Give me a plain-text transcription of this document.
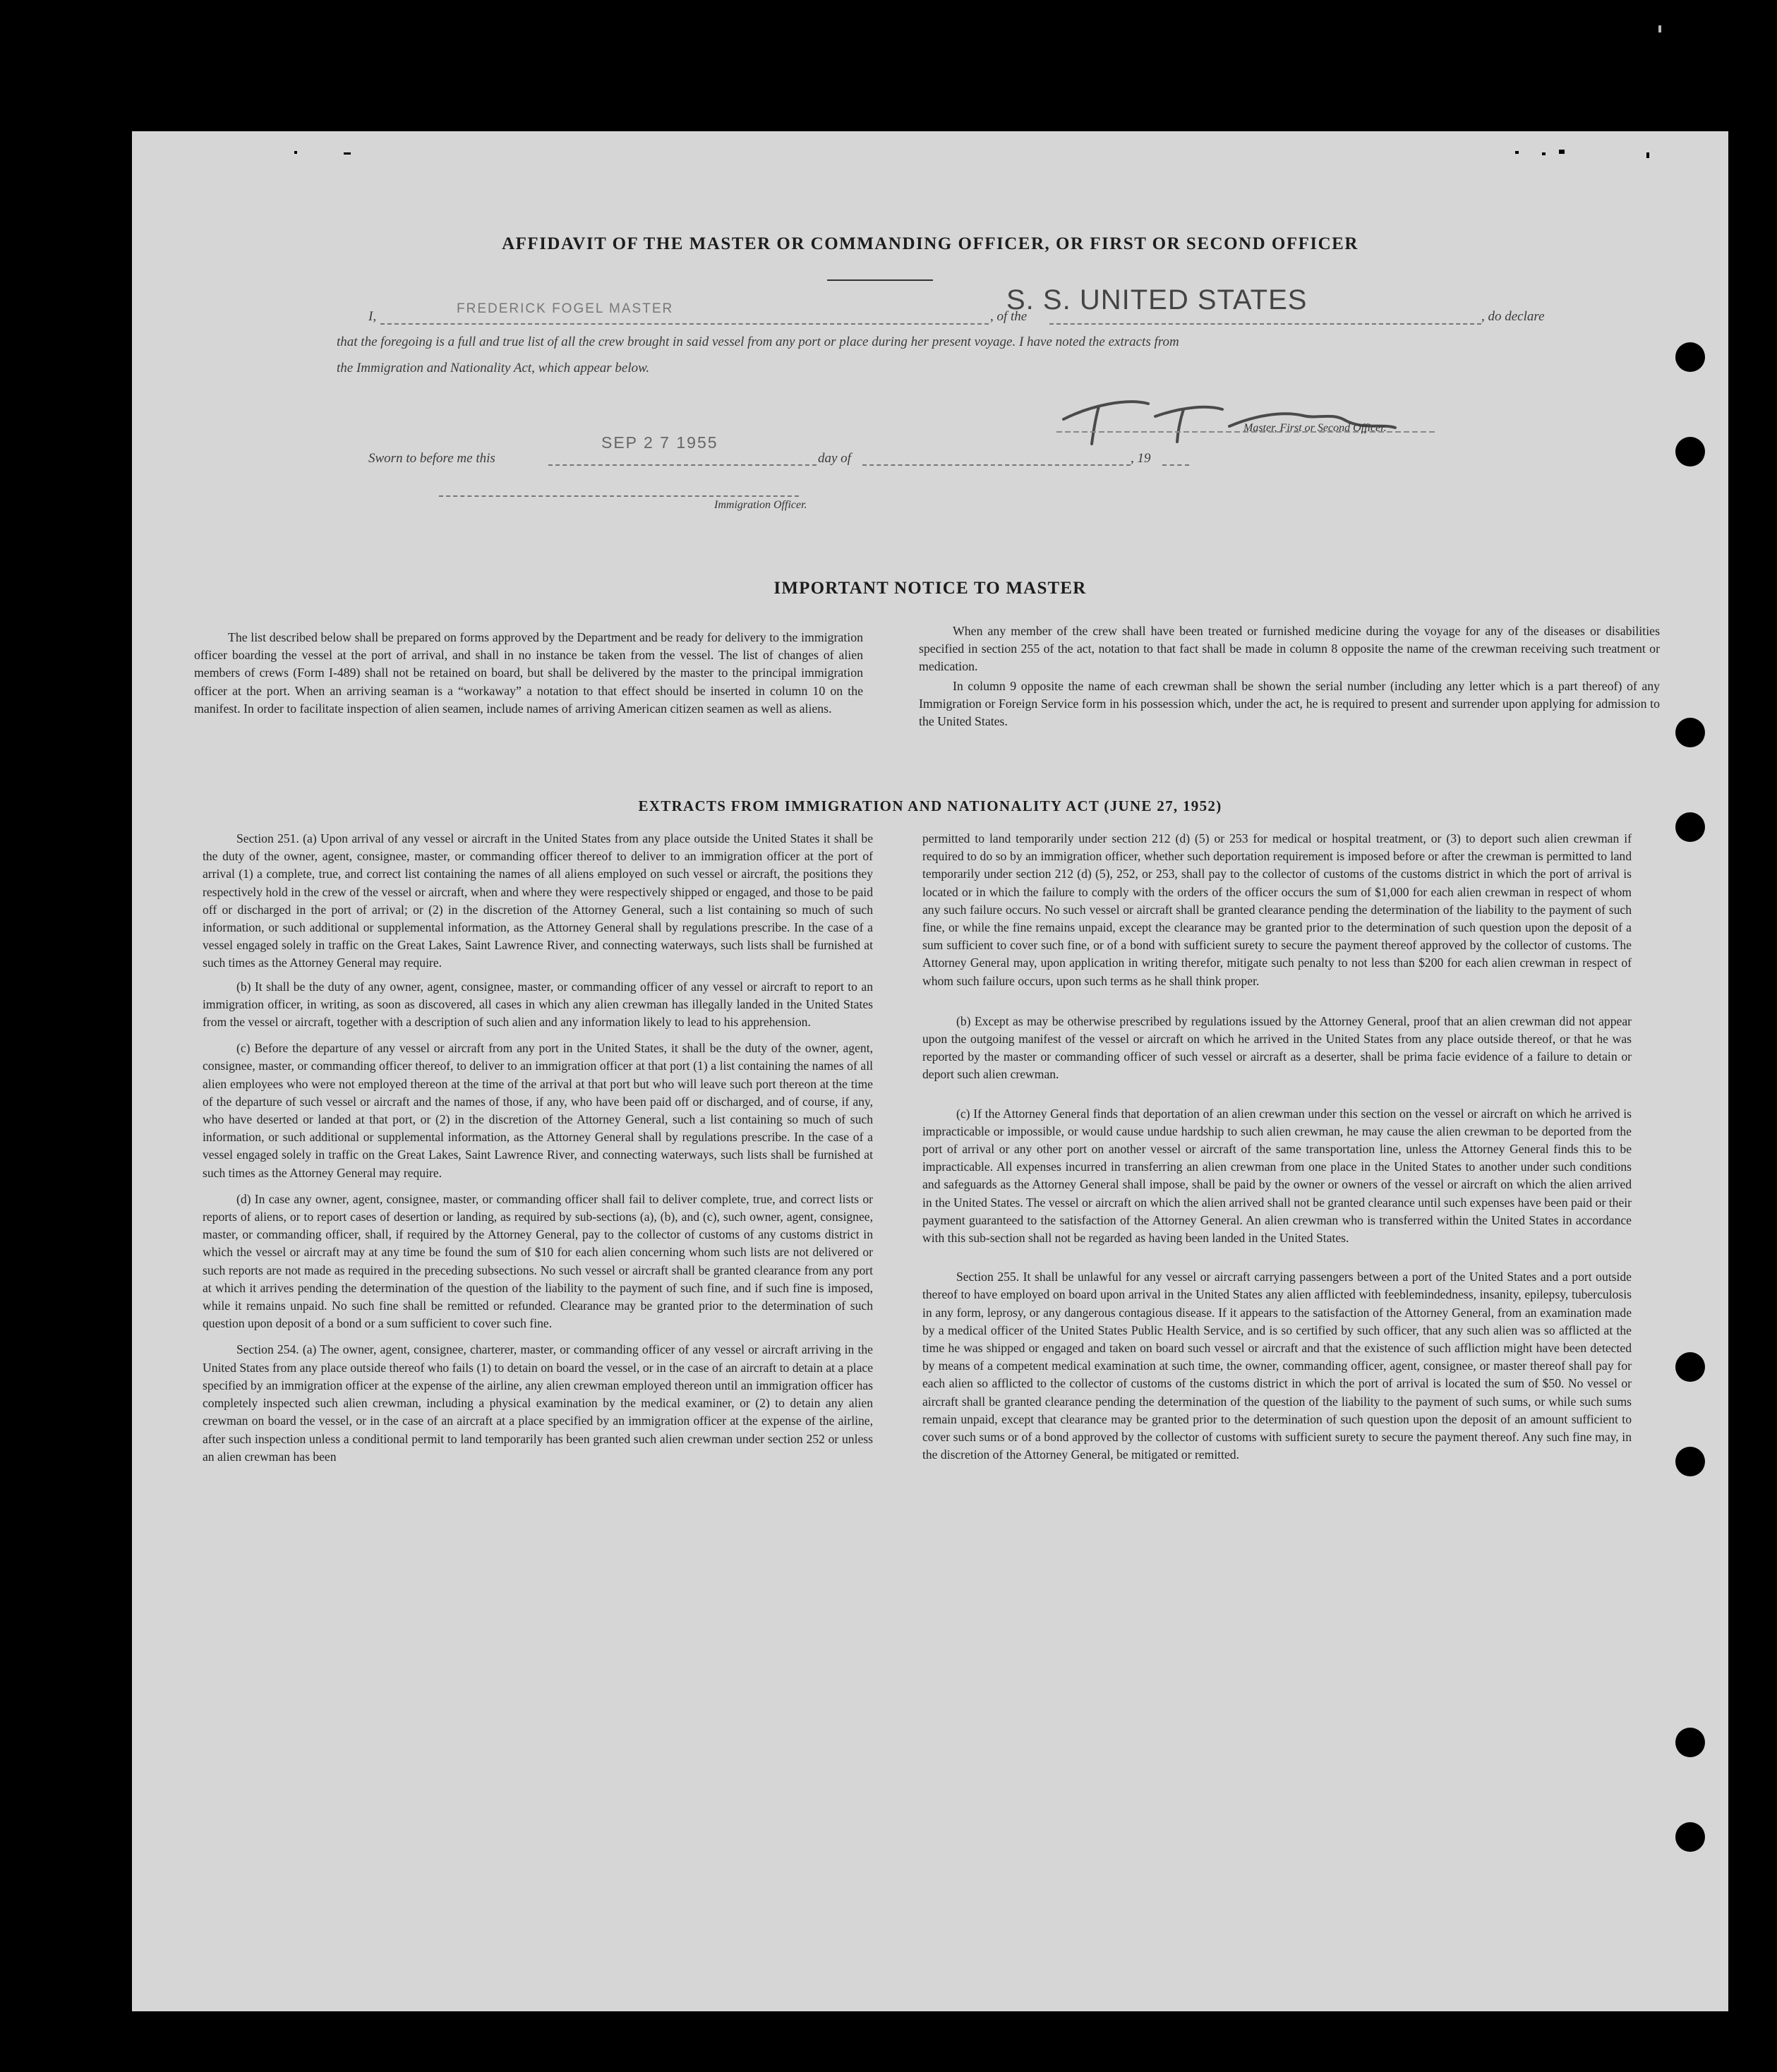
AFFIDAVIT OF THE MASTER OR COMMANDING OFFICER, OR FIRST OR SECOND OFFICER
I,
FREDERICK FOGEL MASTER
, of the
S. S. UNITED STATES
, do declare
that the foregoing is a full and true list of all the crew brought in said vessel from any port or place during her present voyage. I have noted the extracts from
the Immigration and Nationality Act, which appear below.
Master, First or Second Officer.
Sworn to before me this
SEP 2 7 1955
day of	, 19
Immigration Officer.
IMPORTANT NOTICE TO MASTER

The list described below shall be prepared on forms approved by the Department and be ready for delivery to the immigration officer boarding the vessel at the port of arrival, and shall in no instance be taken from the vessel. The list of changes of alien members of crews (Form I-489) shall not be retained on board, but shall be delivered by the master to the principal immigration officer at the port. When an arriving seaman is a “workaway” a notation to that effect should be inserted in column 10 on the manifest. In order to facilitate inspection of alien seamen, include names of arriving American citizen seamen as well as aliens.

When any member of the crew shall have been treated or furnished medicine during the voyage for any of the diseases or disabilities specified in section 255 of the act, notation to that fact shall be made in column 8 opposite the name of the crewman receiving such treatment or medication.

In column 9 opposite the name of each crewman shall be shown the serial number (including any letter which is a part thereof) of any Immigration or Foreign Service form in his possession which, under the act, he is required to present and surrender upon applying for admission to the United States.

EXTRACTS FROM IMMIGRATION AND NATIONALITY ACT (JUNE 27, 1952)

Section 251. (a) Upon arrival of any vessel or aircraft in the United States from any place outside the United States it shall be the duty of the owner, agent, consignee, master, or commanding officer thereof to deliver to an immigration officer at the port of arrival (1) a complete, true, and correct list containing the names of all aliens employed on such vessel or aircraft, the positions they respectively hold in the crew of the vessel or aircraft, when and where they were respectively shipped or engaged, and those to be paid off or discharged in the port of arrival; or (2) in the discretion of the Attorney General, such a list containing so much of such information, or such additional or supplemental information, as the Attorney General shall by regulations prescribe. In the case of a vessel engaged solely in traffic on the Great Lakes, Saint Lawrence River, and connecting waterways, such lists shall be furnished at such times as the Attorney General may require.

(b) It shall be the duty of any owner, agent, consignee, master, or commanding officer of any vessel or aircraft to report to an immigration officer, in writing, as soon as discovered, all cases in which any alien crewman has illegally landed in the United States from the vessel or aircraft, together with a description of such alien and any information likely to lead to his apprehension.

(c) Before the departure of any vessel or aircraft from any port in the United States, it shall be the duty of the owner, agent, consignee, master, or commanding officer thereof, to deliver to an immigration officer at that port (1) a list containing the names of all alien employees who were not employed thereon at the time of the arrival at that port but who will leave such port thereon at the time of the departure of such vessel or aircraft and the names of those, if any, who have been paid off or discharged, and of course, if any, who have deserted or landed at that port, or (2) in the discretion of the Attorney General, such a list containing so much of such information, or such additional or supplemental information, as the Attorney General shall by regulations prescribe. In the case of a vessel engaged solely in traffic on the Great Lakes, Saint Lawrence River, and connecting waterways, such lists shall be furnished at such times as the Attorney General may require.

(d) In case any owner, agent, consignee, master, or commanding officer shall fail to deliver complete, true, and correct lists or reports of aliens, or to report cases of desertion or landing, as required by sub-sections (a), (b), and (c), such owner, agent, consignee, master, or commanding officer, shall, if required by the Attorney General, pay to the collector of customs of any customs district in which the vessel or aircraft may at any time be found the sum of $10 for each alien concerning whom such lists are not delivered or such reports are not made as required in the preceding subsections. No such vessel or aircraft shall be granted clearance from any port at which it arrives pending the determination of the question of the liability to the payment of such fine, and if such fine is imposed, while it remains unpaid. No such fine shall be remitted or refunded. Clearance may be granted prior to the determination of such question upon deposit of a bond or a sum sufficient to cover such fine.

Section 254. (a) The owner, agent, consignee, charterer, master, or commanding officer of any vessel or aircraft arriving in the United States from any place outside thereof who fails (1) to detain on board the vessel, or in the case of an aircraft to detain at a place specified by an immigration officer at the expense of the airline, any alien crewman employed thereon until an immigration officer has completely inspected such alien crewman, including a physical examination by the medical examiner, or (2) to detain any alien crewman on board the vessel, or in the case of an aircraft at a place specified by an immigration officer at the expense of the airline, after such inspection unless a conditional permit to land temporarily has been granted such alien crewman under section 252 or unless an alien crewman has been

permitted to land temporarily under section 212 (d) (5) or 253 for medical or hospital treatment, or (3) to deport such alien crewman if required to do so by an immigration officer, whether such deportation requirement is imposed before or after the crewman is permitted to land temporarily under section 212 (d) (5), 252, or 253, shall pay to the collector of customs of the customs district in which the port of arrival is located or in which the failure to comply with the orders of the officer occurs the sum of $1,000 for each alien crewman in respect of whom any such failure occurs. No such vessel or aircraft shall be granted clearance pending the determination of the liability to the payment of such fine, or while the fine remains unpaid, except the clearance may be granted prior to the determination of such question upon the deposit of a sum sufficient to cover such fine, or of a bond with sufficient surety to secure the payment thereof approved by the collector of customs. The Attorney General may, upon application in writing therefor, mitigate such penalty to not less than $200 for each alien crewman in respect of whom such failure occurs, upon such terms as he shall think proper.

(b) Except as may be otherwise prescribed by regulations issued by the Attorney General, proof that an alien crewman did not appear upon the outgoing manifest of the vessel or aircraft on which he arrived in the United States from any place outside thereof, or that he was reported by the master or commanding officer of such vessel or aircraft as a deserter, shall be prima facie evidence of a failure to detain or deport such alien crewman.

(c) If the Attorney General finds that deportation of an alien crewman under this section on the vessel or aircraft on which he arrived is impracticable or impossible, or would cause undue hardship to such alien crewman, he may cause the alien crewman to be deported from the port of arrival or any other port on another vessel or aircraft of the same transportation line, unless the Attorney General finds this to be impracticable. All expenses incurred in transferring an alien crewman from one place in the United States to another under such conditions and safeguards as the Attorney General shall impose, shall be paid by the owner or owners of the vessel or aircraft on which the alien arrived in the United States. The vessel or aircraft on which the alien arrived shall not be granted clearance until such expenses have been paid or their payment guaranteed to the satisfaction of the Attorney General. An alien crewman who is transferred within the United States in accordance with this sub-section shall not be regarded as having been landed in the United States.

Section 255. It shall be unlawful for any vessel or aircraft carrying passengers between a port of the United States and a port outside thereof to have employed on board upon arrival in the United States any alien afflicted with feeblemindedness, insanity, epilepsy, tuberculosis in any form, leprosy, or any dangerous contagious disease. If it appears to the satisfaction of the Attorney General, from an examination made by a medical officer of the United States Public Health Service, and is so certified by such officer, that any such alien was so afflicted at the time he was shipped or engaged and taken on board such vessel or aircraft and that the existence of such affliction might have been detected by means of a competent medical examination at such time, the owner, commanding officer, agent, consignee, or master thereof shall pay for each alien so afflicted to the collector of customs of the customs district in which the port of arrival is located the sum of $50. No vessel or aircraft shall be granted clearance pending the determination of the question of the liability to the payment of such sums, or while such sums remain unpaid, except that clearance may be granted prior to the determination of such question upon the deposit of an amount sufficient to cover such sums or of a bond approved by the collector of customs with sufficient surety to secure the payment thereof. Any such fine may, in the discretion of the Attorney General, be mitigated or remitted.
